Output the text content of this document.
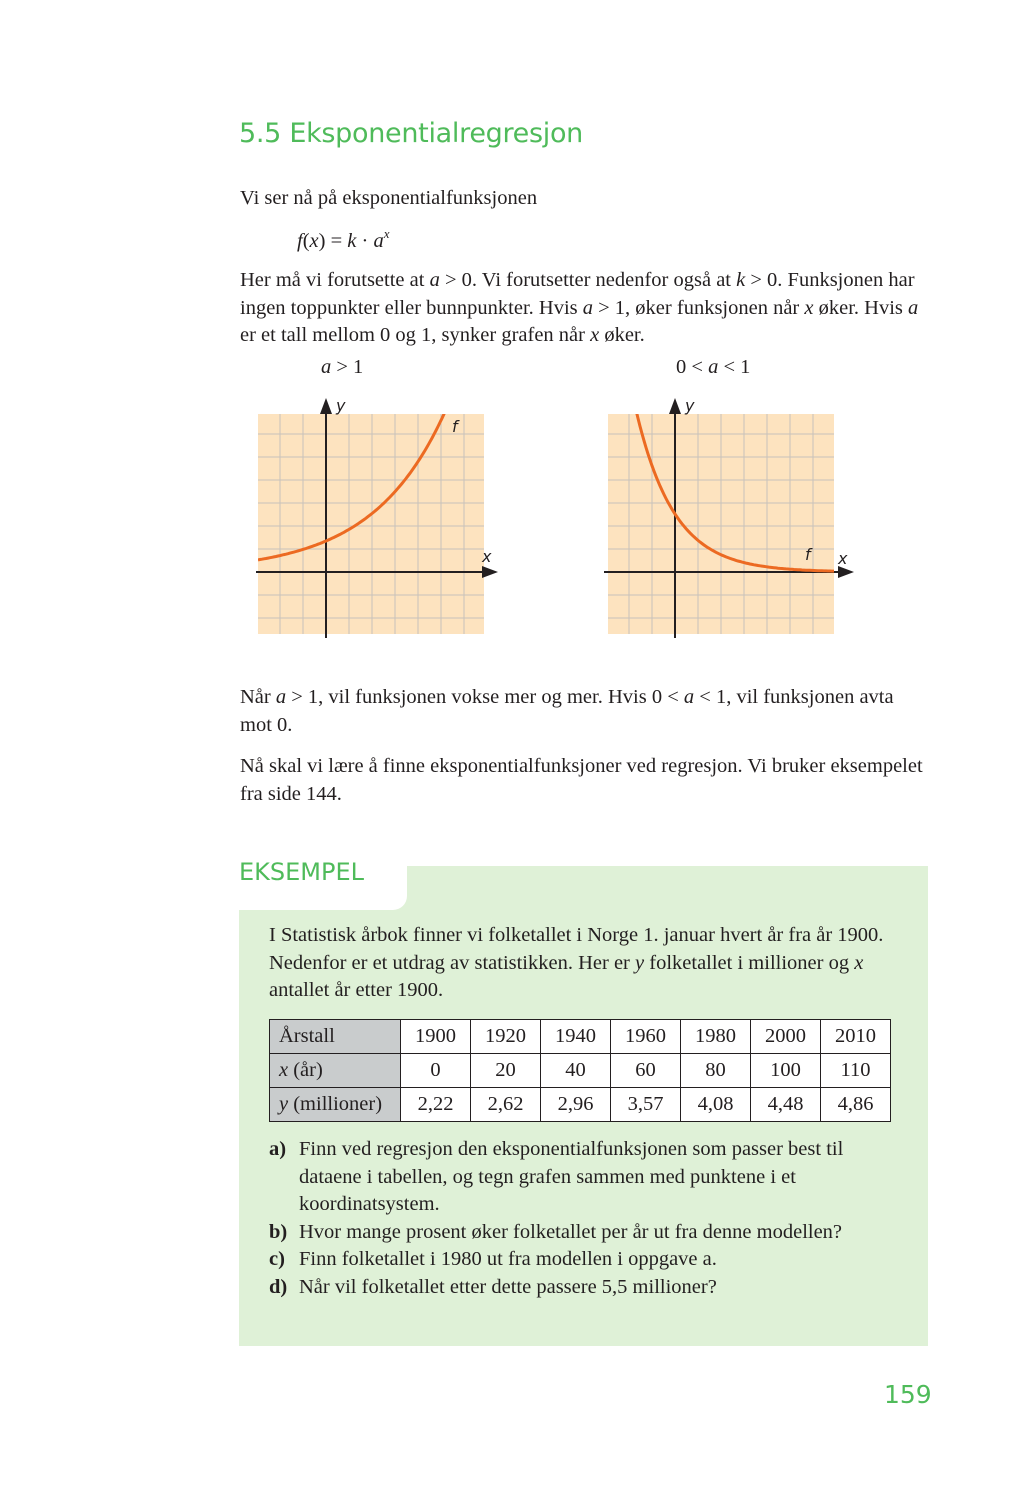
5.5 Eksponentialregresjon

Vi ser nå på eksponentialfunksjonen

$f(x) = k \cdot a^x$

Her må vi forutsette at a > 0. Vi forutsetter nedenfor også at k > 0. Funksjonen har ingen toppunkter eller bunnpunkter. Hvis a > 1, øker funksjonen når x øker. Hvis a er et tall mellom 0 og 1, synker grafen når x øker.

a > 1	0 < a < 1
y
x
f
y
x
f

Når a > 1, vil funksjonen vokse mer og mer. Hvis 0 < a < 1, vil funksjonen avta mot 0.

Nå skal vi lære å finne eksponentialfunksjoner ved regresjon. Vi bruker eksempelet fra side 144.

EKSEMPEL

I Statistisk årbok finner vi folketallet i Norge 1. januar hvert år fra år 1900. Nedenfor er et utdrag av statistikken. Her er y folketallet i millioner og x antallet år etter 1900.

Årstall	1900	1920	1940	1960	1980	2000	2010
x (år)	0	20	40	60	80	100	110
y (millioner)	2,22	2,62	2,96	3,57	4,08	4,48	4,86
a) Finn ved regresjon den eksponentialfunksjonen som passer best til dataene i tabellen, og tegn grafen sammen med punktene i et koordinatsystem.
b) Hvor mange prosent øker folketallet per år ut fra denne modellen?
c) Finn folketallet i 1980 ut fra modellen i oppgave a.
d) Når vil folketallet etter dette passere 5,5 millioner?
159
